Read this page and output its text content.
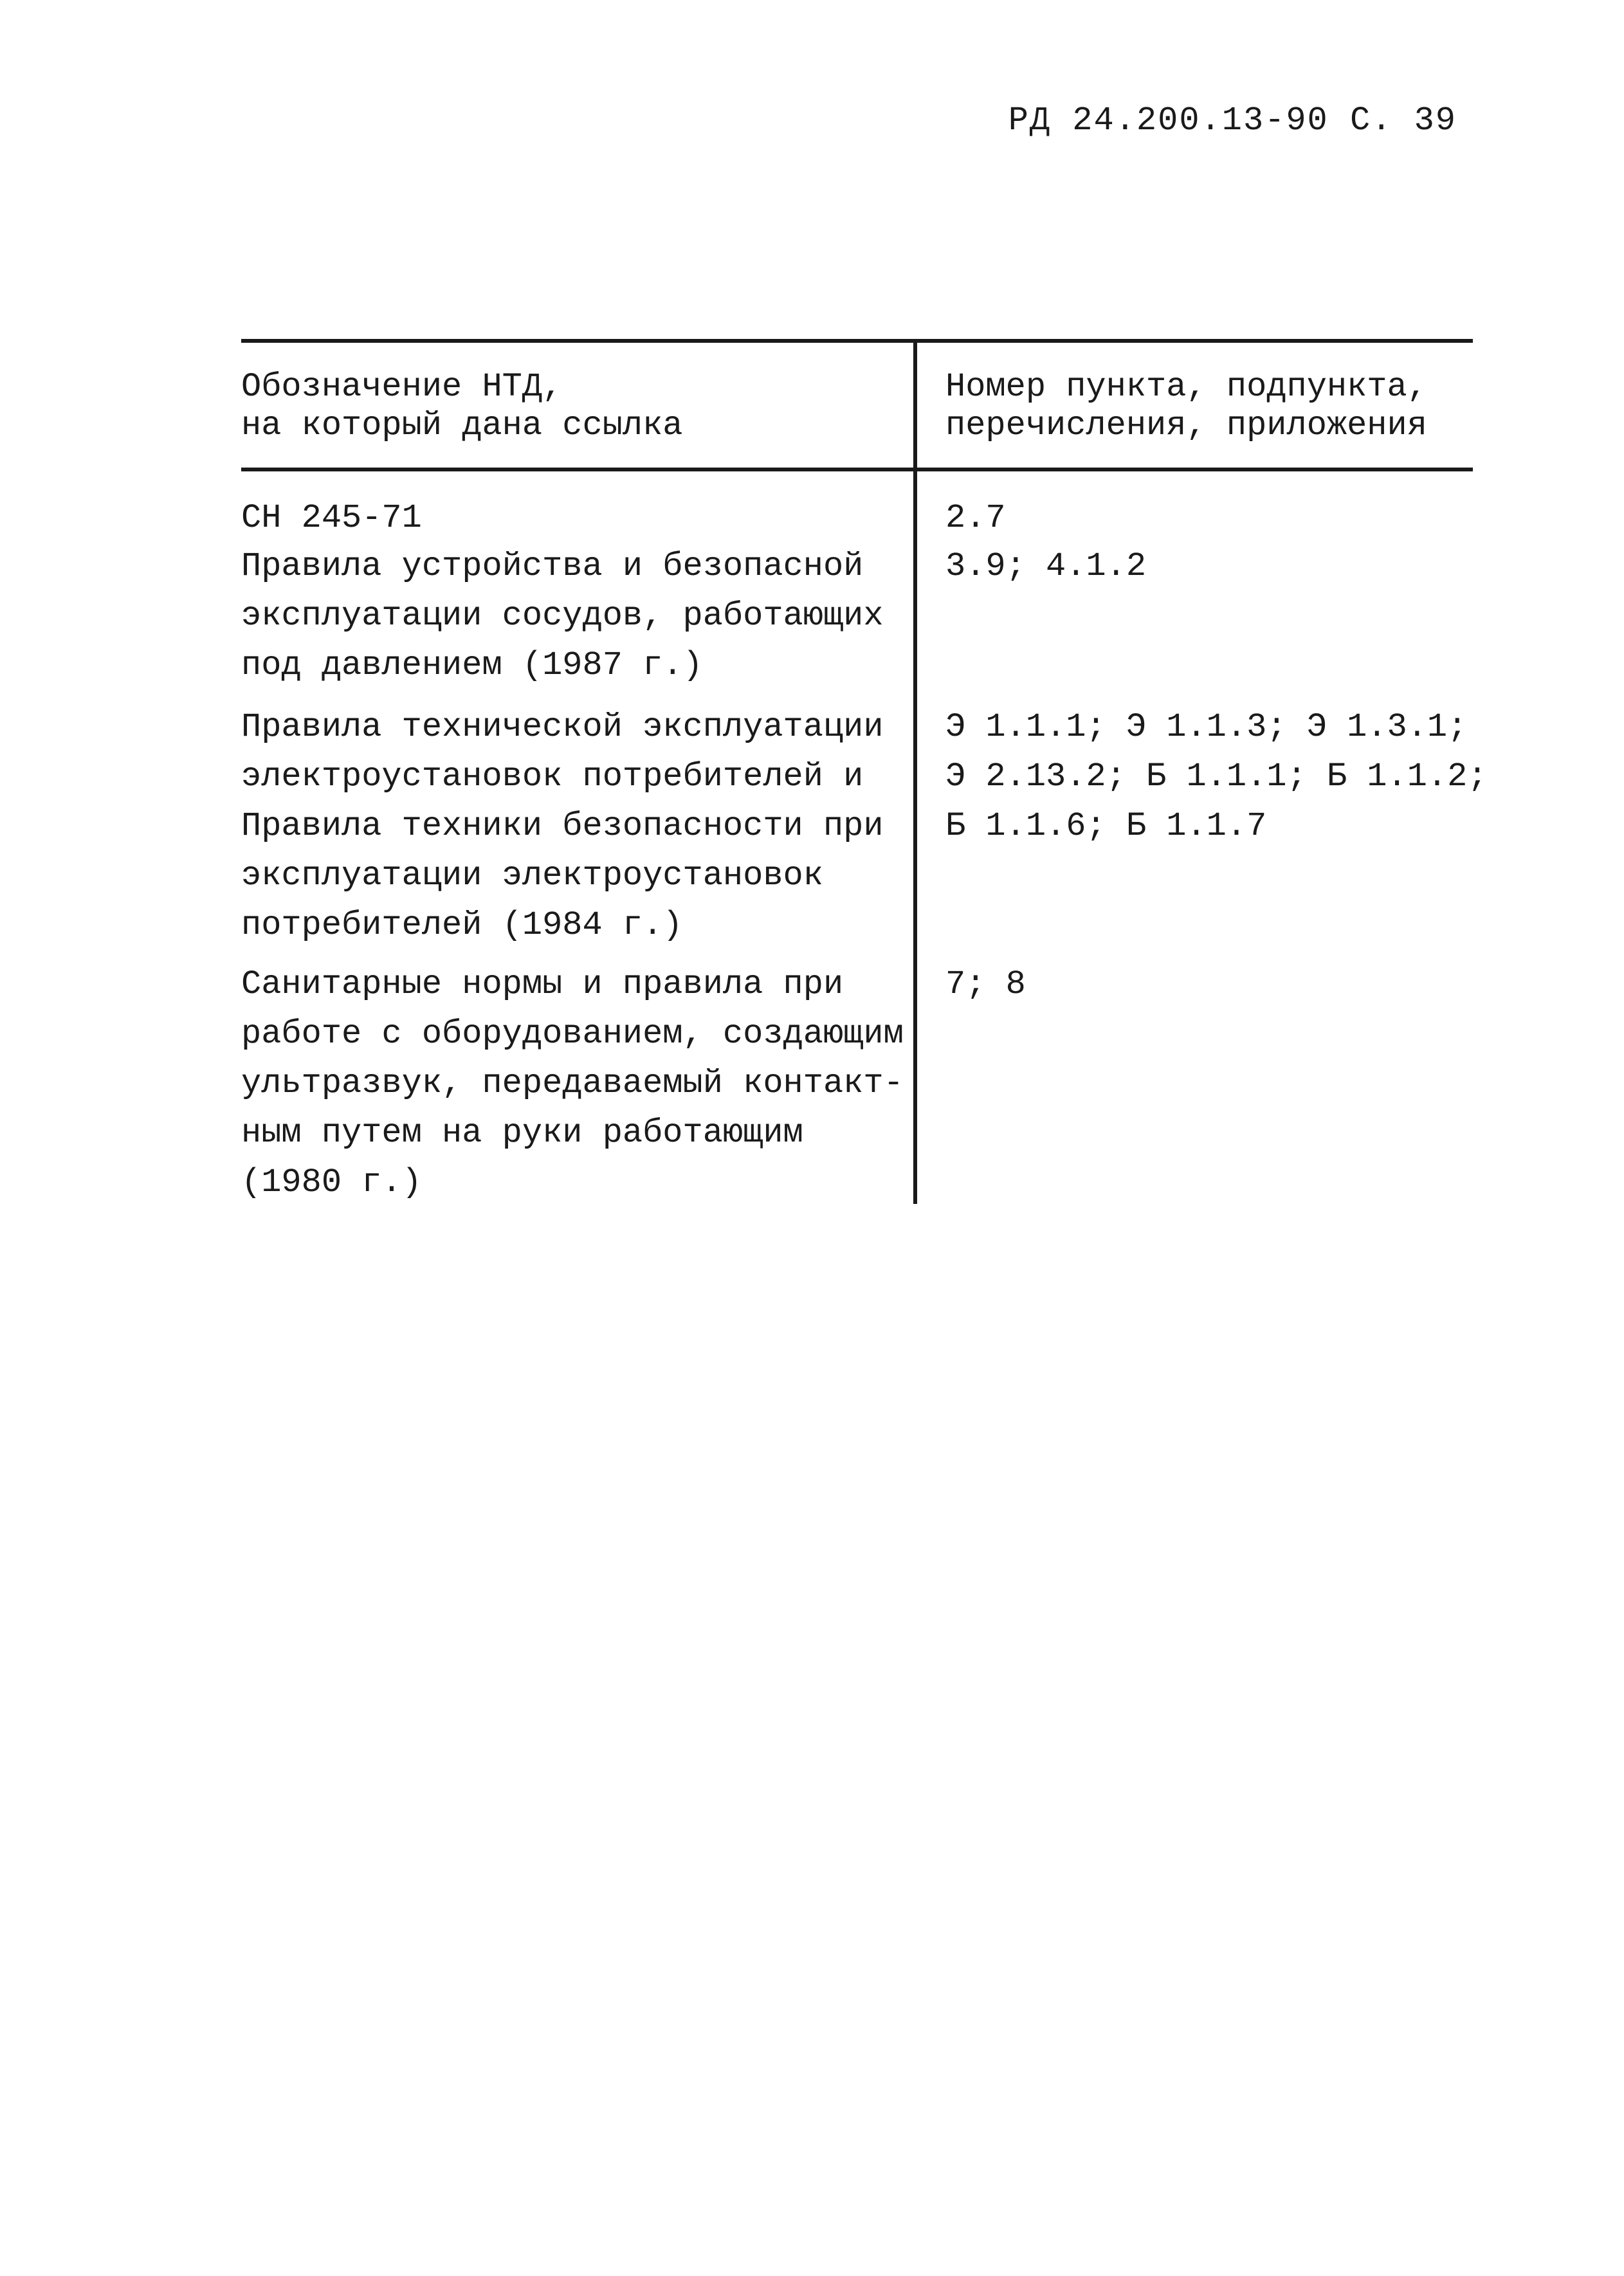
РД 24.200.13-90 С. 39
Обозначение НТД,
на который дана ссылка
Номер пункта, подпункта,
перечисления, приложения
СН 245-71	2.7
Правила устройства и безопасной
эксплуатации сосудов, работающих
под давлением (1987 г.)
3.9; 4.1.2
Правила технической эксплуатации
электроустановок потребителей и
Правила техники безопасности при
эксплуатации электроустановок
потребителей (1984 г.)
Э 1.1.1; Э 1.1.3; Э 1.3.1;
Э 2.13.2; Б 1.1.1; Б 1.1.2;
Б 1.1.6; Б 1.1.7
Санитарные нормы и правила при
работе с оборудованием, создающим
ультразвук, передаваемый контакт-
ным путем на руки работающим
(1980 г.)
7; 8
